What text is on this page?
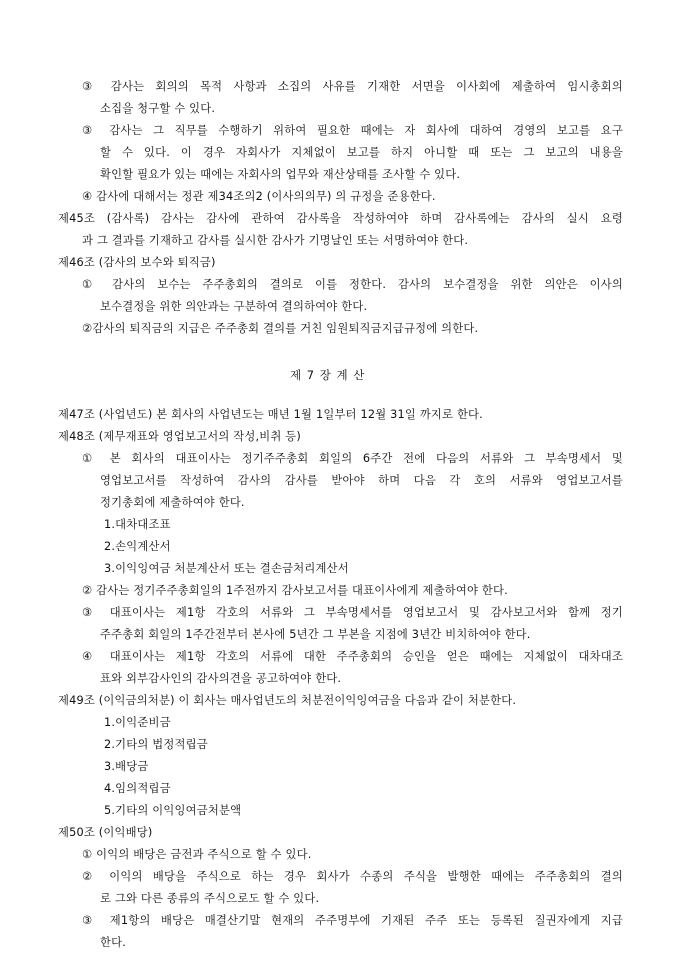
③ 감사는 회의의 목적 사항과 소집의 사유를 기재한 서면을 이사회에 제출하여 임시총회의
소집을 청구할 수 있다.
③ 감사는 그 직무를 수행하기 위하여 필요한 때에는 자 회사에 대하여 경영의 보고를 요구
할 수 있다. 이 경우 자회사가 지체없이 보고를 하지 아니할 때 또는 그 보고의 내용을
확인할 필요가 있는 때에는 자회사의 업무와 재산상태를 조사할 수 있다.
④ 감사에 대해서는 정관 제34조의2 (이사의의무) 의 규정을 준용한다.
제45조 (감사록) 감사는 감사에 관하여 감사록을 작성하여야 하며 감사록에는 감사의 실시 요령
과 그 결과를 기재하고 감사를 실시한 감사가 기명날인 또는 서명하여야 한다.
제46조 (감사의 보수와 퇴직금)
① 감사의 보수는 주주총회의 결의로 이를 정한다. 감사의 보수결정을 위한 의안은 이사의
보수결정을 위한 의안과는 구분하여 결의하여야 한다.
②감사의 퇴직금의 지급은 주주총회 결의를 거친 임원퇴직금지급규정에 의한다.
제 7 장 계 산
제47조 (사업년도) 본 회사의 사업년도는 매년 1월 1일부터 12월 31일 까지로 한다.
제48조 (제무재표와 영업보고서의 작성,비취 등)
① 본 회사의 대표이사는 정기주주총회 회일의 6주간 전에 다음의 서류와 그 부속명세서 및
영업보고서를 작성하여 감사의 감사를 받아야 하며 다음 각 호의 서류와 영업보고서를
정기총회에 제출하여야 한다.
1.대차대조표
2.손익계산서
3.이익잉여금 처분계산서 또는 결손금처리계산서
② 감사는 정기주주총회일의 1주전까지 감사보고서를 대표이사에게 제출하여야 한다.
③ 대표이사는 제1항 각호의 서류와 그 부속명세서를 영업보고서 및 감사보고서와 함께 정기
주주총회 회일의 1주간전부터 본사에 5년간 그 부본을 지점에 3년간 비치하여야 한다.
④ 대표이사는 제1항 각호의 서류에 대한 주주총회의 승인을 얻은 때에는 지체없이 대차대조
표와 외부감사인의 감사의견을 공고하여야 한다.
제49조 (이익금의처분) 이 회사는 매사업년도의 처분전이익잉여금을 다음과 같이 처분한다.
1.이익준비금
2.기타의 법정적립금
3.배당금
4.임의적립금
5.기타의 이익잉여금처분액
제50조 (이익배당)
① 이익의 배당은 금전과 주식으로 할 수 있다.
② 이익의 배당을 주식으로 하는 경우 회사가 수종의 주식을 발행한 때에는 주주총회의 결의
로 그와 다른 종류의 주식으로도 할 수 있다.
③ 제1항의 배당은 매결산기말 현재의 주주명부에 기재된 주주 또는 등록된 질권자에게 지급
한다.
